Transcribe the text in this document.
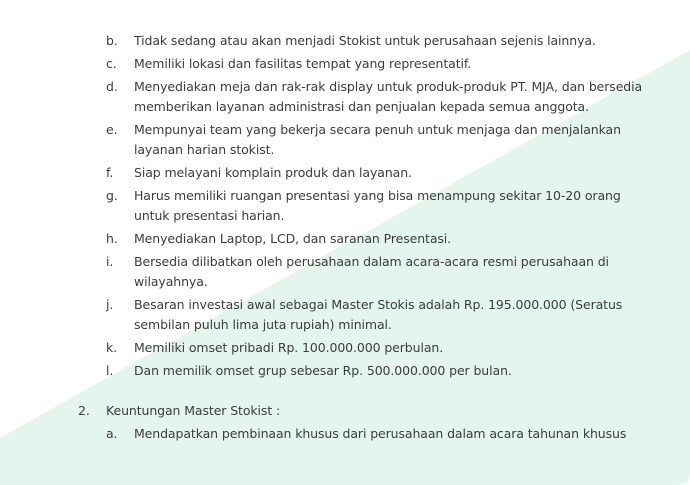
b. Tidak sedang atau akan menjadi Stokist untuk perusahaan sejenis lainnya.
c. Memiliki lokasi dan fasilitas tempat yang representatif.
d. Menyediakan meja dan rak-rak display untuk produk-produk PT. MJA, dan bersedia memberikan layanan administrasi dan penjualan kepada semua anggota.
e. Mempunyai team yang bekerja secara penuh untuk menjaga dan menjalankan layanan harian stokist.
f. Siap melayani komplain produk dan layanan.
g. Harus memiliki ruangan presentasi yang bisa menampung sekitar 10-20 orang untuk presentasi harian.
h. Menyediakan Laptop, LCD, dan saranan Presentasi.
i. Bersedia dilibatkan oleh perusahaan dalam acara-acara resmi perusahaan di wilayahnya.
j. Besaran investasi awal sebagai Master Stokis adalah Rp. 195.000.000 (Seratus sembilan puluh lima juta rupiah) minimal.
k. Memiliki omset pribadi Rp. 100.000.000 perbulan.
l. Dan memilik omset grup sebesar Rp. 500.000.000 per bulan.
2. Keuntungan Master Stokist :
a. Mendapatkan pembinaan khusus dari perusahaan dalam acara tahunan khusus
